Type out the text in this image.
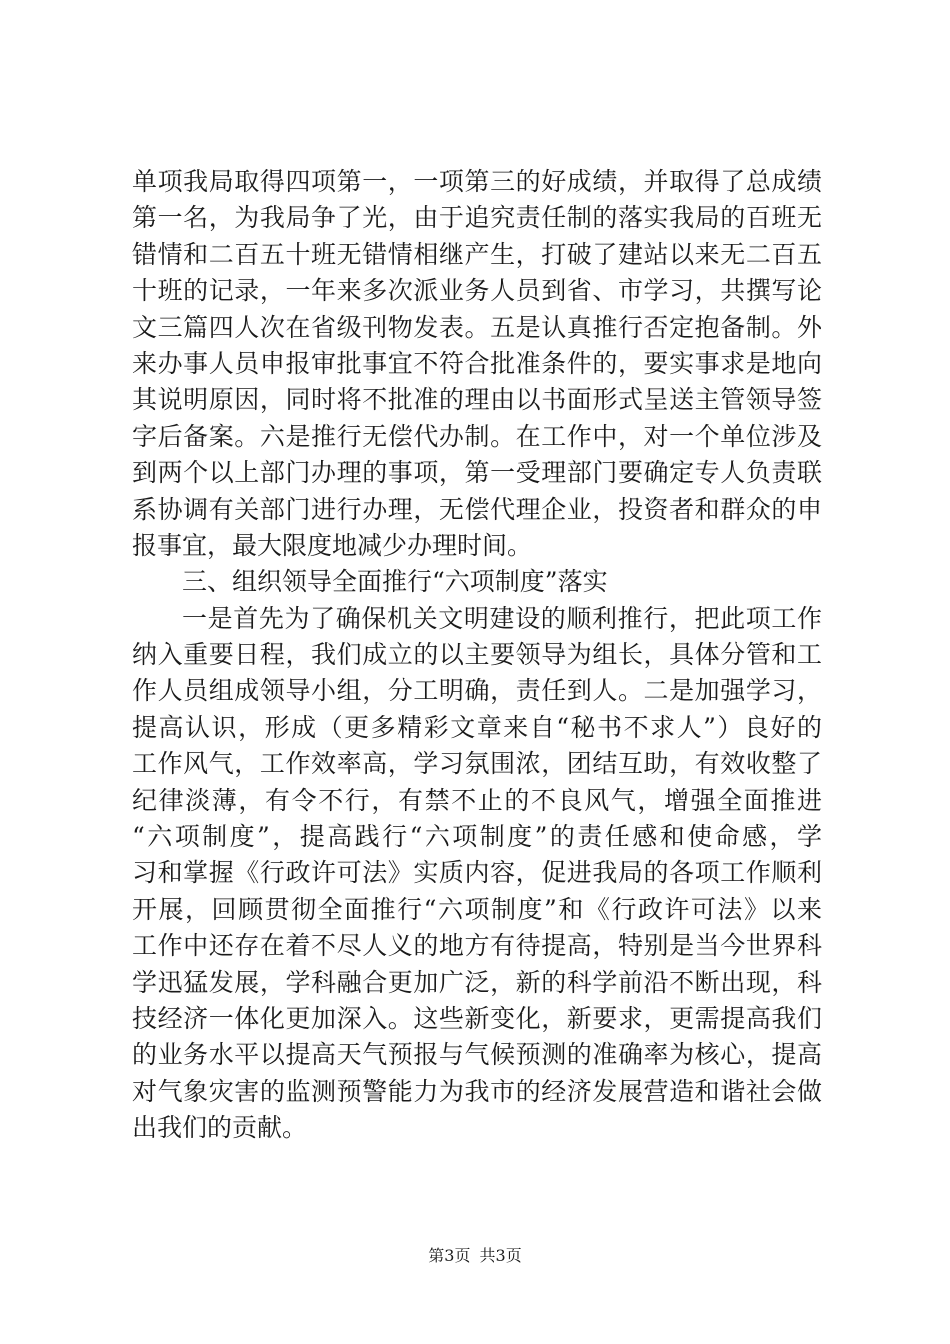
单项我局取得四项第一，一项第三的好成绩，并取得了总成绩
第一名，为我局争了光，由于追究责任制的落实我局的百班无
错情和二百五十班无错情相继产生，打破了建站以来无二百五
十班的记录，一年来多次派业务人员到省、市学习，共撰写论
文三篇四人次在省级刊物发表。五是认真推行否定抱备制。外
来办事人员申报审批事宜不符合批准条件的，要实事求是地向
其说明原因，同时将不批准的理由以书面形式呈送主管领导签
字后备案。六是推行无偿代办制。在工作中，对一个单位涉及
到两个以上部门办理的事项，第一受理部门要确定专人负责联
系协调有关部门进行办理，无偿代理企业，投资者和群众的申
报事宜，最大限度地减少办理时间。
三、组织领导全面推行“六项制度”落实
一是首先为了确保机关文明建设的顺利推行，把此项工作
纳入重要日程，我们成立的以主要领导为组长，具体分管和工
作人员组成领导小组，分工明确，责任到人。二是加强学习，
提高认识，形成（更多精彩文章来自“秘书不求人”）良好的
工作风气，工作效率高，学习氛围浓，团结互助，有效收整了
纪律淡薄，有令不行，有禁不止的不良风气，增强全面推进
“六项制度”，提高践行“六项制度”的责任感和使命感，学
习和掌握《行政许可法》实质内容，促进我局的各项工作顺利
开展，回顾贯彻全面推行“六项制度”和《行政许可法》以来
工作中还存在着不尽人义的地方有待提高，特别是当今世界科
学迅猛发展，学科融合更加广泛，新的科学前沿不断出现，科
技经济一体化更加深入。这些新变化，新要求，更需提高我们
的业务水平以提高天气预报与气候预测的准确率为核心，提高
对气象灾害的监测预警能力为我市的经济发展营造和谐社会做
出我们的贡献。
第3页 共3页
